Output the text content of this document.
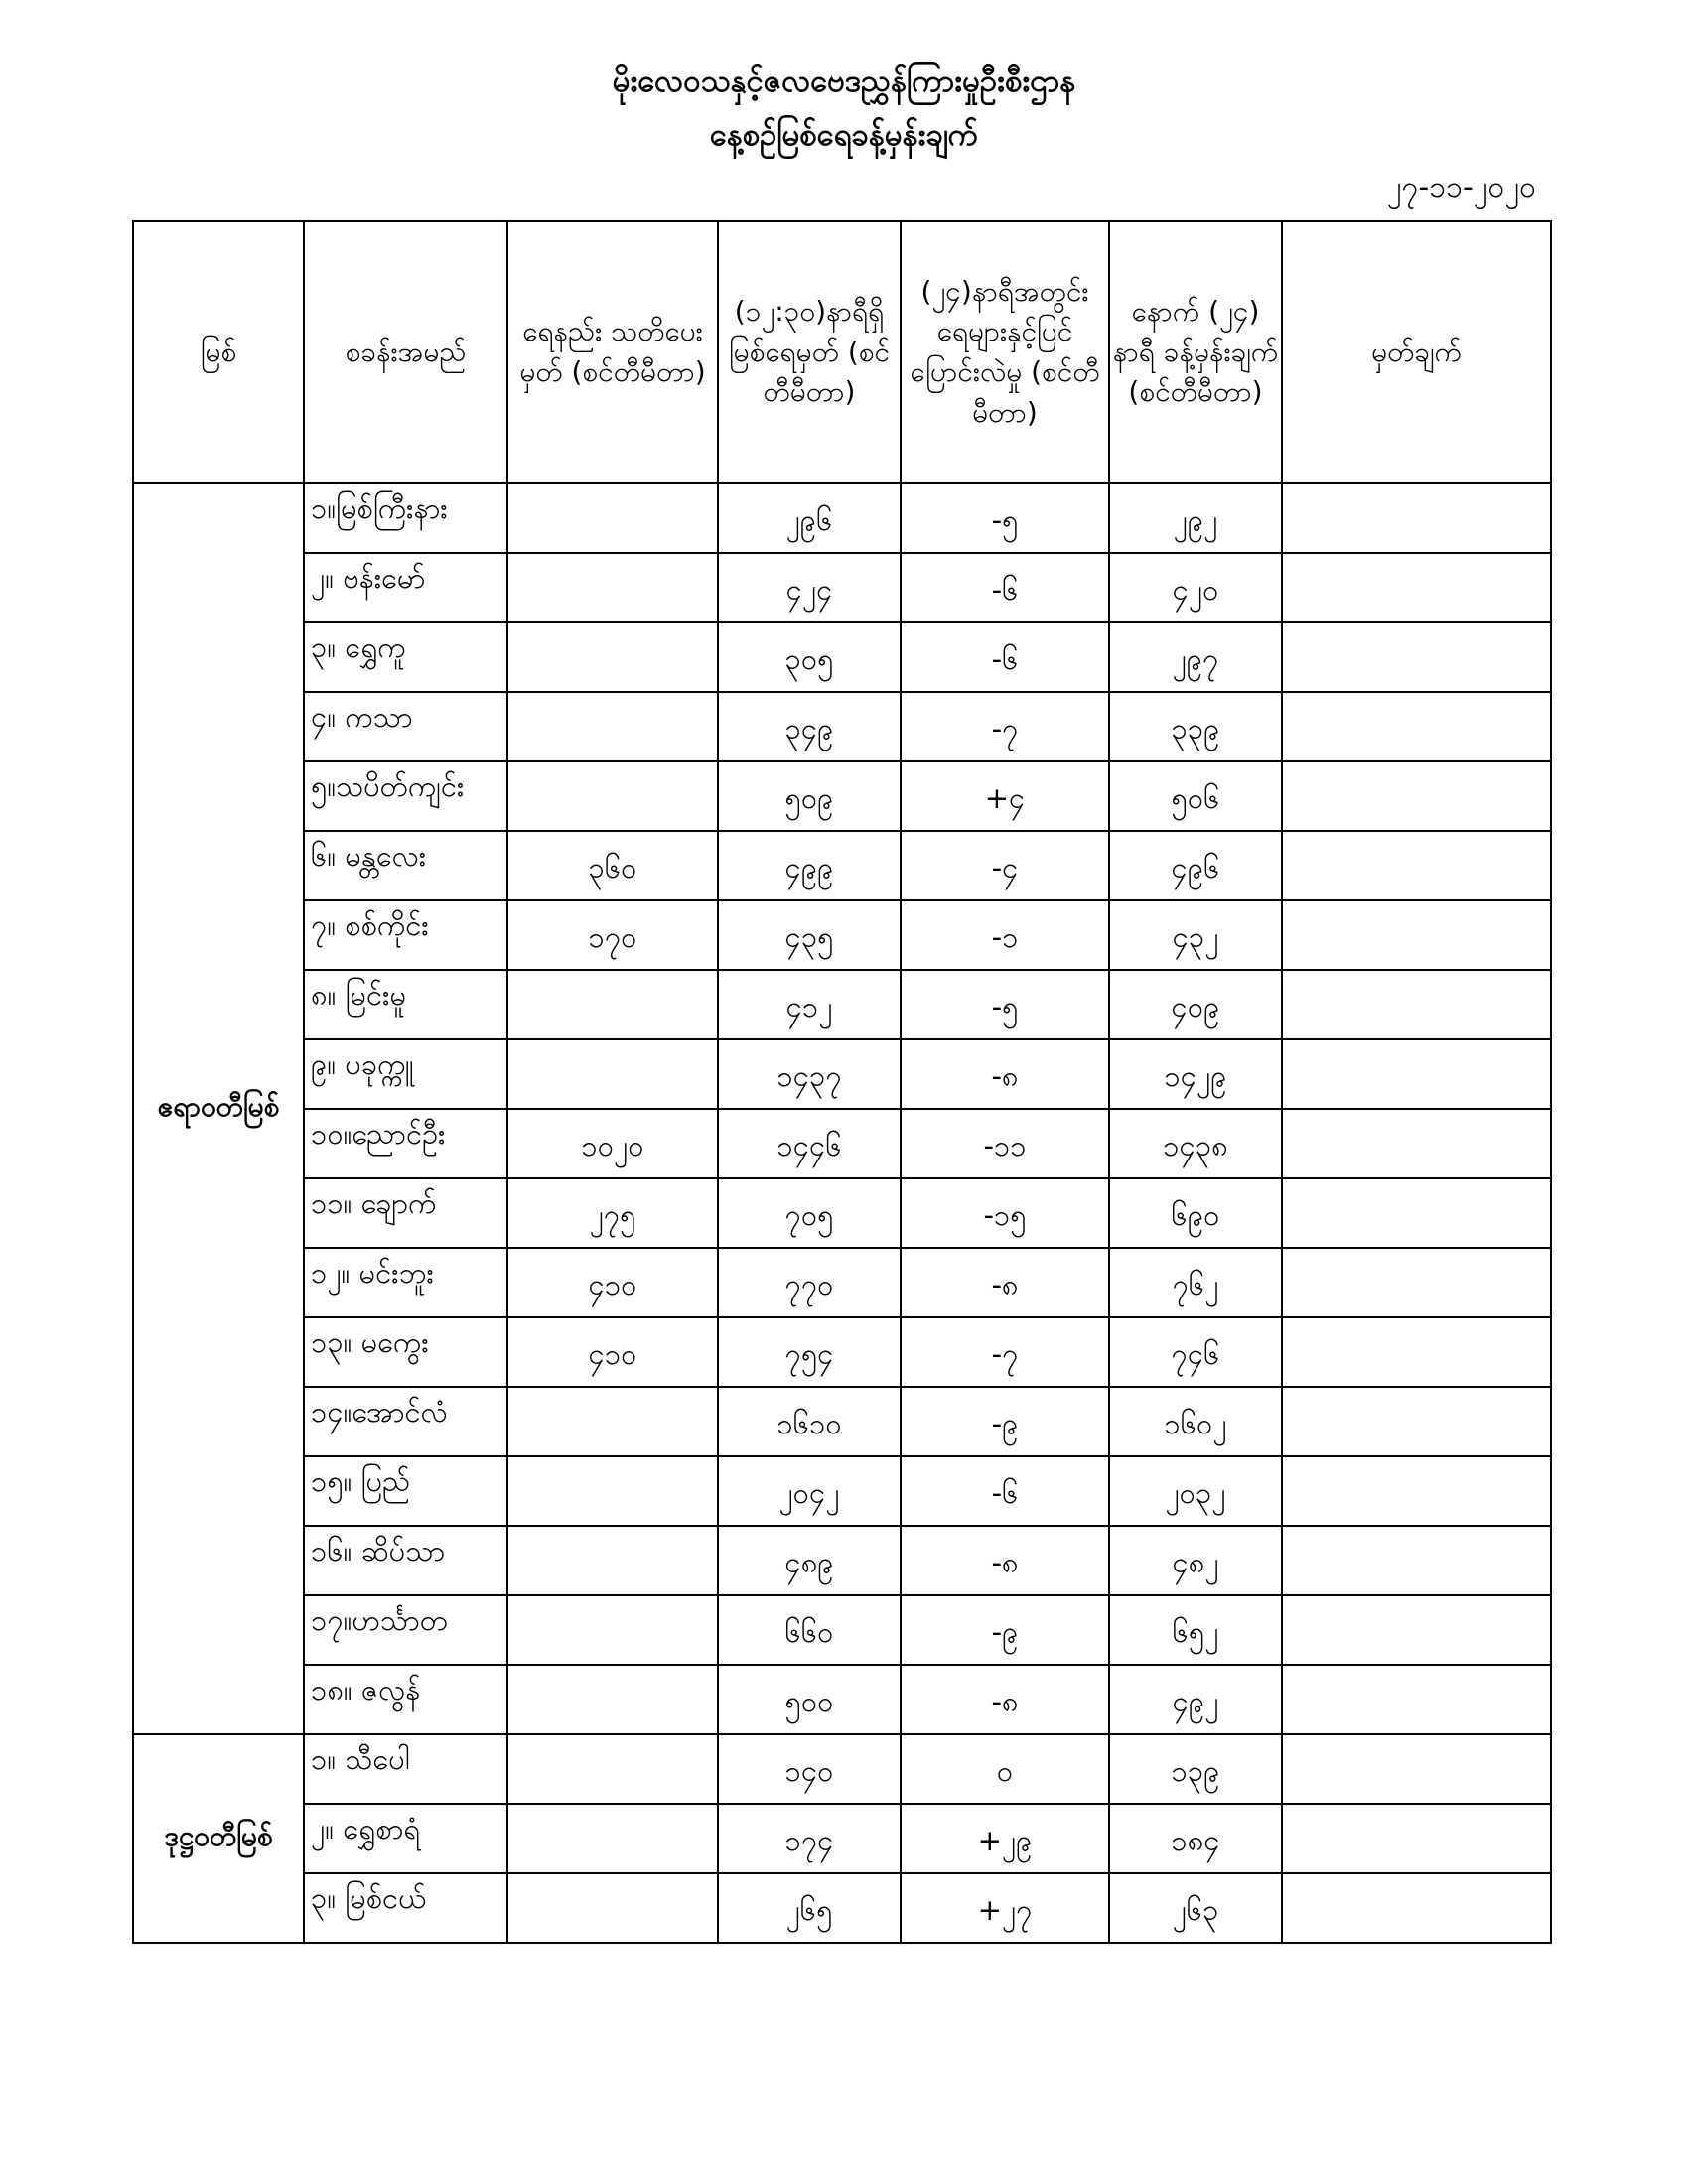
မိုးလေဝသနှင့်ဇလဗေဒညွှန်ကြားမှုဦးစီးဌာန
နေ့စဉ်မြစ်ရေခန့်မှန်းချက်
၂၇-၁၁-၂၀၂၀
မြစ်	စခန်းအမည်	ရေနည်း သတိပေးမှတ် (စင်တီမီတာ)	(၁၂:၃၀)နာရီရှိ မြစ်ရေမှတ် (စင်တီမီတာ)	(၂၄)နာရီအတွင်း ရေများနှင့်ပြင်ပြောင်းလဲမှု (စင်တီမီတာ)	နောက် (၂၄) နာရီ ခန့်မှန်းချက် (စင်တီမီတာ)	မှတ်ချက်
ဧရာဝတီမြစ်	၁။မြစ်ကြီးနား		၂၉၆	-၅	၂၉၂	
	၂။ ဗန်းမော်		၄၂၄	-၆	၄၂၀	
	၃။ ရွှေကူ		၃၀၅	-၆	၂၉၇	
	၄။ ကသာ		၃၄၉	-၇	၃၃၉	
	၅။သပိတ်ကျင်း		၅၀၉	+၄	၅၀၆	
	၆။ မန္တလေး	၃၆၀	၄၉၉	-၄	၄၉၆	
	၇။ စစ်ကိုင်း	၁၇၀	၄၃၅	-၁	၄၃၂	
	၈။ မြင်းမူ		၄၁၂	-၅	၄၀၉	
	၉။ ပခုက္ကူ		၁၄၃၇	-၈	၁၄၂၉	
	၁၀။ညောင်ဦး	၁၀၂၀	၁၄၄၆	-၁၁	၁၄၃၈	
	၁၁။ ချောက်	၂၇၅	၇၀၅	-၁၅	၆၉၀	
	၁၂။ မင်းဘူး	၄၁၀	၇၇၀	-၈	၇၆၂	
	၁၃။ မကွေး	၄၁၀	၇၅၄	-၇	၇၄၆	
	၁၄။အောင်လံ		၁၆၁၀	-၉	၁၆၀၂	
	၁၅။ ပြည်		၂၀၄၂	-၆	၂၀၃၂	
	၁၆။ ဆိပ်သာ		၄၈၉	-၈	၄၈၂	
	၁၇။ဟင်္သာတ		၆၆၀	-၉	၆၅၂	
	၁၈။ ဇလွန်		၅၀၀	-၈	၄၉၂	
ဒုဋ္ဌဝတီမြစ်	၁။ သီပေါ		၁၄၀	၀	၁၃၉	
	၂။ ရွှေစာရံ		၁၇၄	+၂၉	၁၈၄	
	၃။ မြစ်ငယ်		၂၆၅	+၂၇	၂၆၃	
